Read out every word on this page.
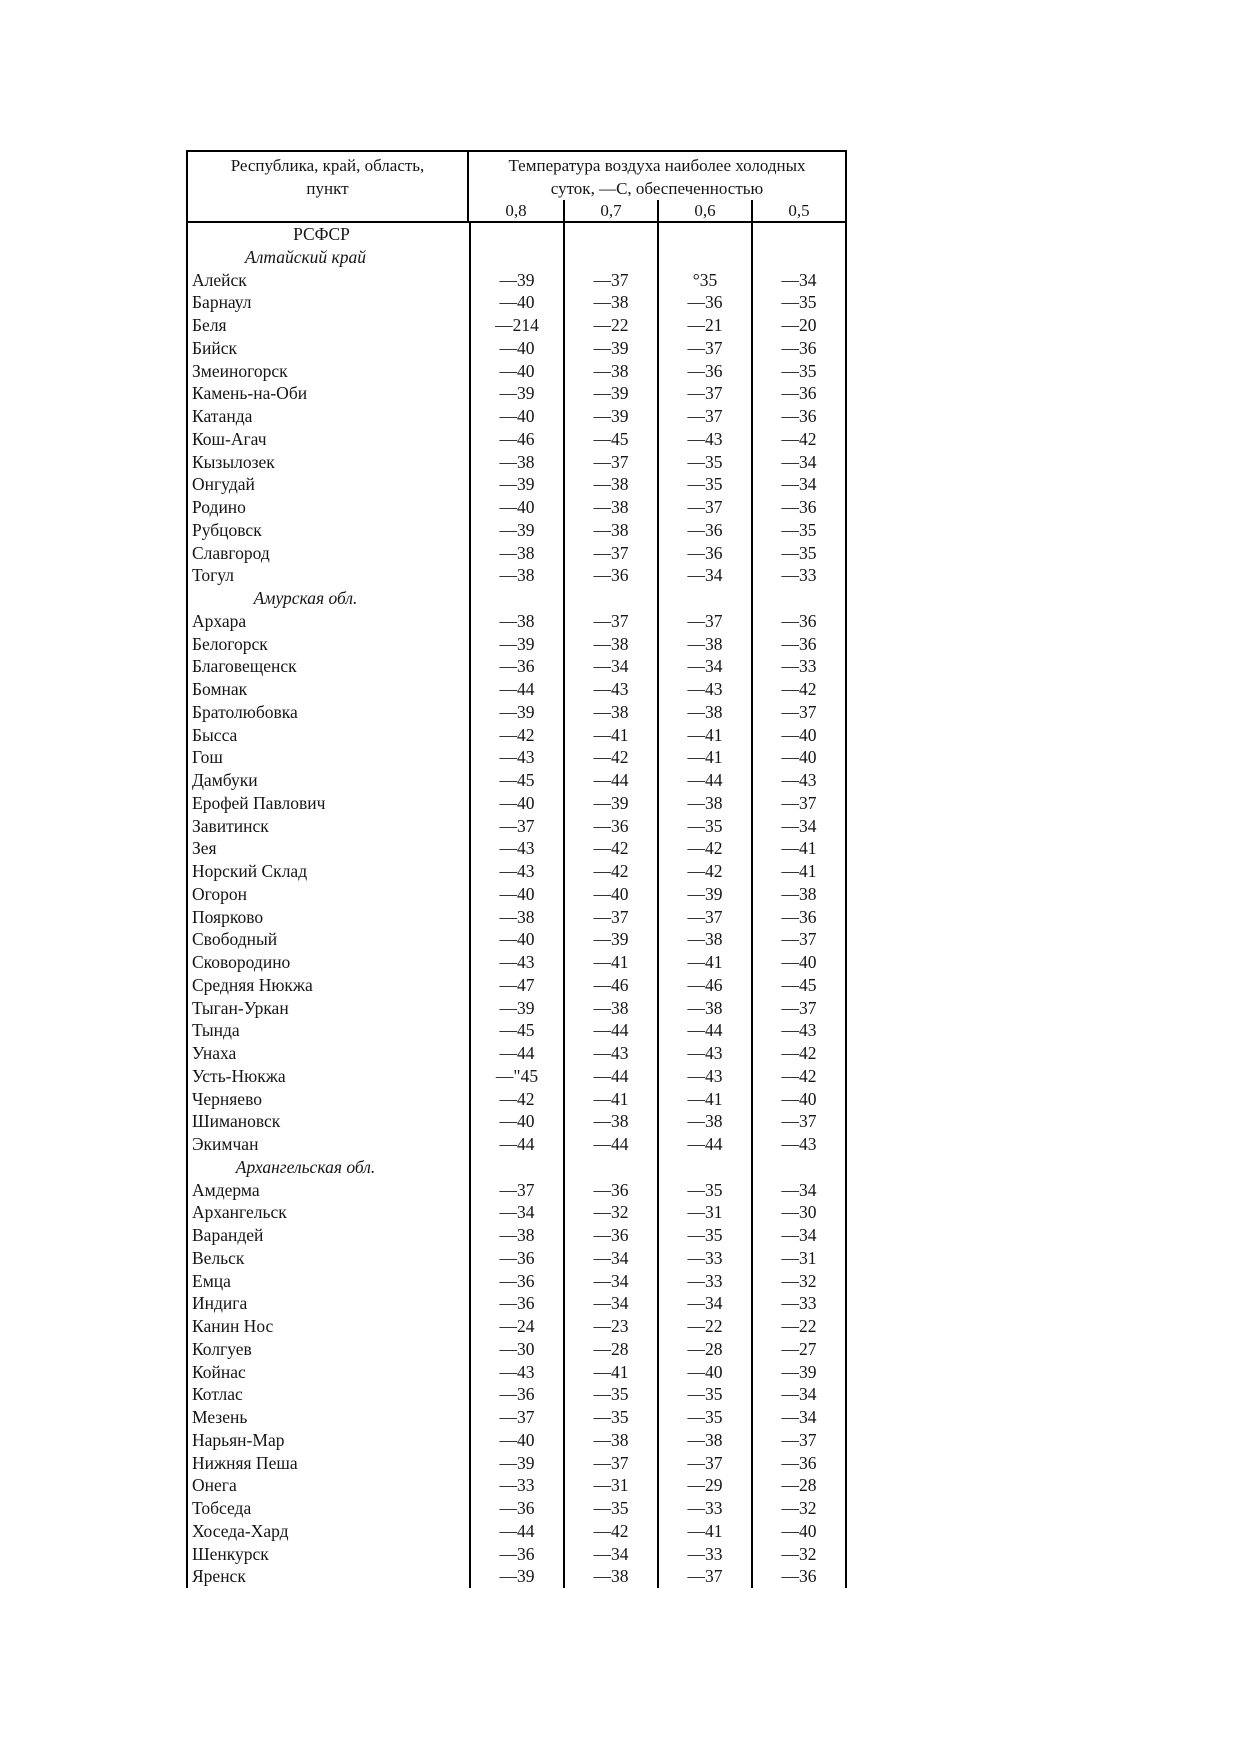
Республика, край, область,
пункт
Температура воздуха наиболее холодных
суток, —С, обеспеченностью
0,8	0,7	0,6	0,5
РСФСР
Алтайский край
Алейск	—39	—37	°35	—34
Барнаул	—40	—38	—36	—35
Беля	—214	—22	—21	—20
Бийск	—40	—39	—37	—36
Змеиногорск	—40	—38	—36	—35
Камень-на-Оби	—39	—39	—37	—36
Катанда	—40	—39	—37	—36
Кош-Агач	—46	—45	—43	—42
Кызылозек	—38	—37	—35	—34
Онгудай	—39	—38	—35	—34
Родино	—40	—38	—37	—36
Рубцовск	—39	—38	—36	—35
Славгород	—38	—37	—36	—35
Тогул	—38	—36	—34	—33
Амурская обл.
Архара	—38	—37	—37	—36
Белогорск	—39	—38	—38	—36
Благовещенск	—36	—34	—34	—33
Бомнак	—44	—43	—43	—42
Братолюбовка	—39	—38	—38	—37
Бысса	—42	—41	—41	—40
Гош	—43	—42	—41	—40
Дамбуки	—45	—44	—44	—43
Ерофей Павлович	—40	—39	—38	—37
Завитинск	—37	—36	—35	—34
Зея	—43	—42	—42	—41
Норский Склад	—43	—42	—42	—41
Огорон	—40	—40	—39	—38
Поярково	—38	—37	—37	—36
Свободный	—40	—39	—38	—37
Сковородино	—43	—41	—41	—40
Средняя Нюкжа	—47	—46	—46	—45
Тыган-Уркан	—39	—38	—38	—37
Тында	—45	—44	—44	—43
Унаха	—44	—43	—43	—42
Усть-Нюкжа	—"45	—44	—43	—42
Черняево	—42	—41	—41	—40
Шимановск	—40	—38	—38	—37
Экимчан	—44	—44	—44	—43
Архангельская обл.
Амдерма	—37	—36	—35	—34
Архангельск	—34	—32	—31	—30
Варандей	—38	—36	—35	—34
Вельск	—36	—34	—33	—31
Емца	—36	—34	—33	—32
Индига	—36	—34	—34	—33
Канин Нос	—24	—23	—22	—22
Колгуев	—30	—28	—28	—27
Койнас	—43	—41	—40	—39
Котлас	—36	—35	—35	—34
Мезень	—37	—35	—35	—34
Нарьян-Мар	—40	—38	—38	—37
Нижняя Пеша	—39	—37	—37	—36
Онега	—33	—31	—29	—28
Тобседа	—36	—35	—33	—32
Хоседа-Хард	—44	—42	—41	—40
Шенкурск	—36	—34	—33	—32
Яренск	—39	—38	—37	—36
